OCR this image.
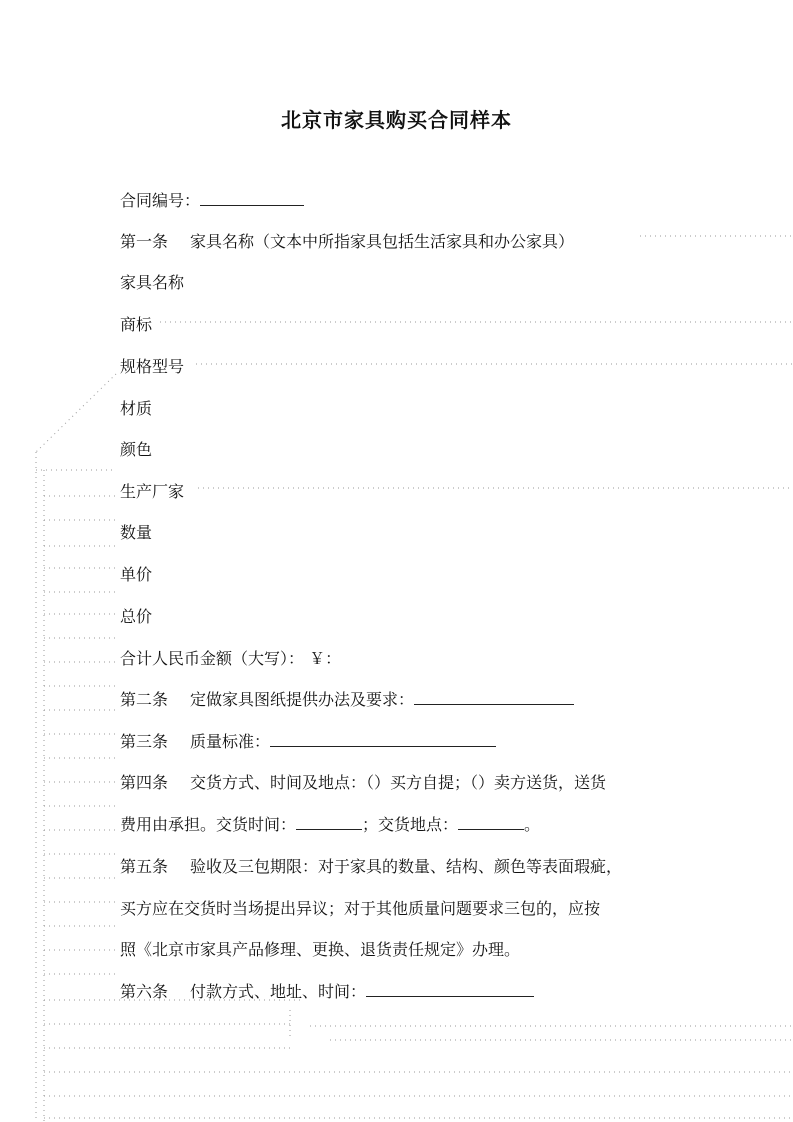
北京市家具购买合同样本
合同编号：
第一条 家具名称（文本中所指家具包括生活家具和办公家具）
家具名称
商标
规格型号
材质
颜色
生产厂家
数量
单价
总价
合计人民币金额（大写）： ￥：
第二条 定做家具图纸提供办法及要求：
第三条 质量标准：
第四条 交货方式、时间及地点：（）买方自提；（）卖方送货，送货
费用由承担。交货时间：	；交货地点：	。
第五条 验收及三包期限：对于家具的数量、结构、颜色等表面瑕疵，
买方应在交货时当场提出异议；对于其他质量问题要求三包的，应按
照《北京市家具产品修理、更换、退货责任规定》办理。
第六条 付款方式、地址、时间：
